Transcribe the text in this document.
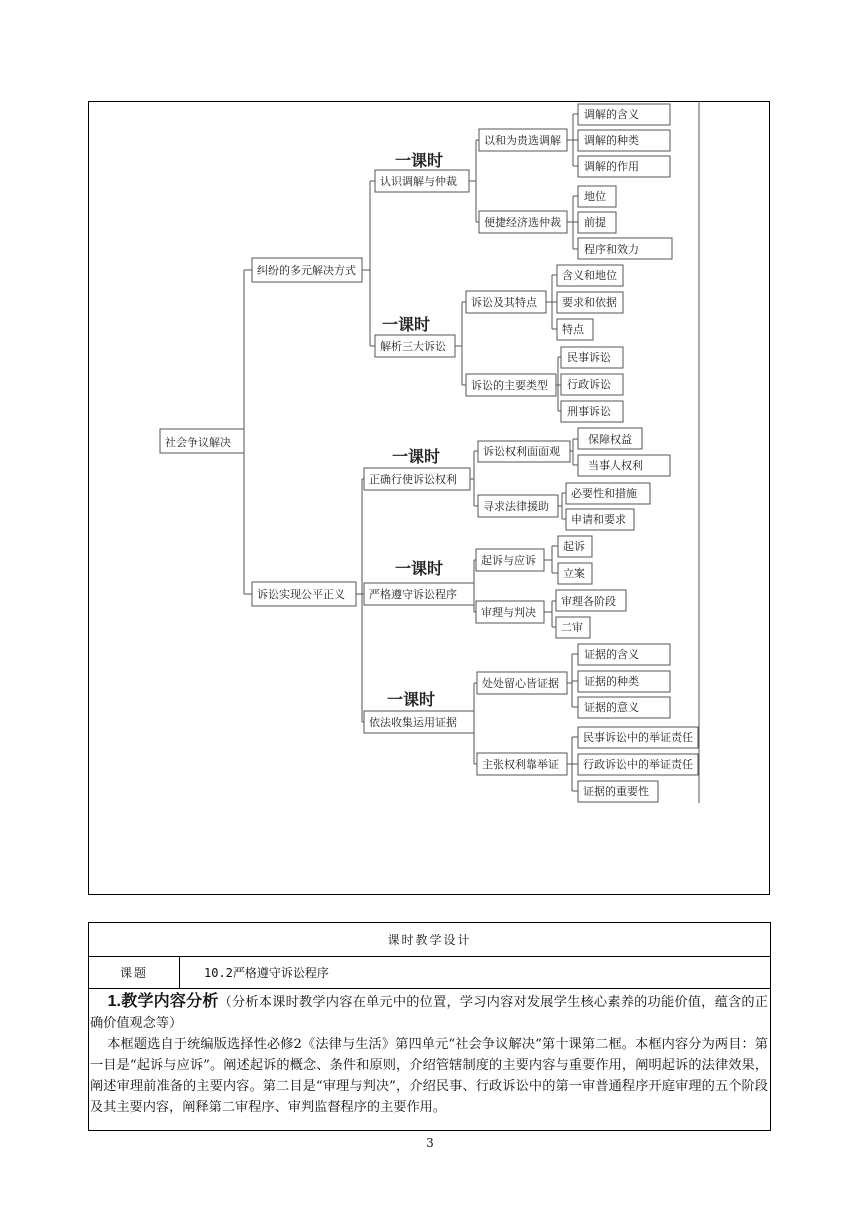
社会争议解决
纠纷的多元解决方式
一课时
认识调解与仲裁
以和为贵选调解
调解的含义
调解的种类
调解的作用
便捷经济选仲裁
地位
前提
程序和效力
一课时
解析三大诉讼
诉讼及其特点
含义和地位
要求和依据
特点
诉讼的主要类型
民事诉讼
行政诉讼
刑事诉讼
诉讼实现公平正义
一课时
正确行使诉讼权利
诉讼权利面面观
保障权益
当事人权利
寻求法律援助
必要性和措施
申请和要求
一课时
严格遵守诉讼程序
起诉与应诉
起诉
立案
审理与判决
审理各阶段
二审
一课时
依法收集运用证据
处处留心皆证据
证据的含义
证据的种类
证据的意义
主张权利靠举证
民事诉讼中的举证责任
行政诉讼中的举证责任
证据的重要性
课时教学设计
课题	10.2严格遵守诉讼程序

1.教学内容分析（分析本课时教学内容在单元中的位置，学习内容对发展学生核心素养的功能价值，蕴含的正确价值观念等）

本框题选自于统编版选择性必修2《法律与生活》第四单元“社会争议解决”第十课第二框。本框内容分为两目：第一目是“起诉与应诉”。阐述起诉的概念、条件和原则，介绍管辖制度的主要内容与重要作用，阐明起诉的法律效果，阐述审理前准备的主要内容。第二目是“审理与判决”，介绍民事、行政诉讼中的第一审普通程序开庭审理的五个阶段及其主要内容，阐释第二审程序、审判监督程序的主要作用。

3
